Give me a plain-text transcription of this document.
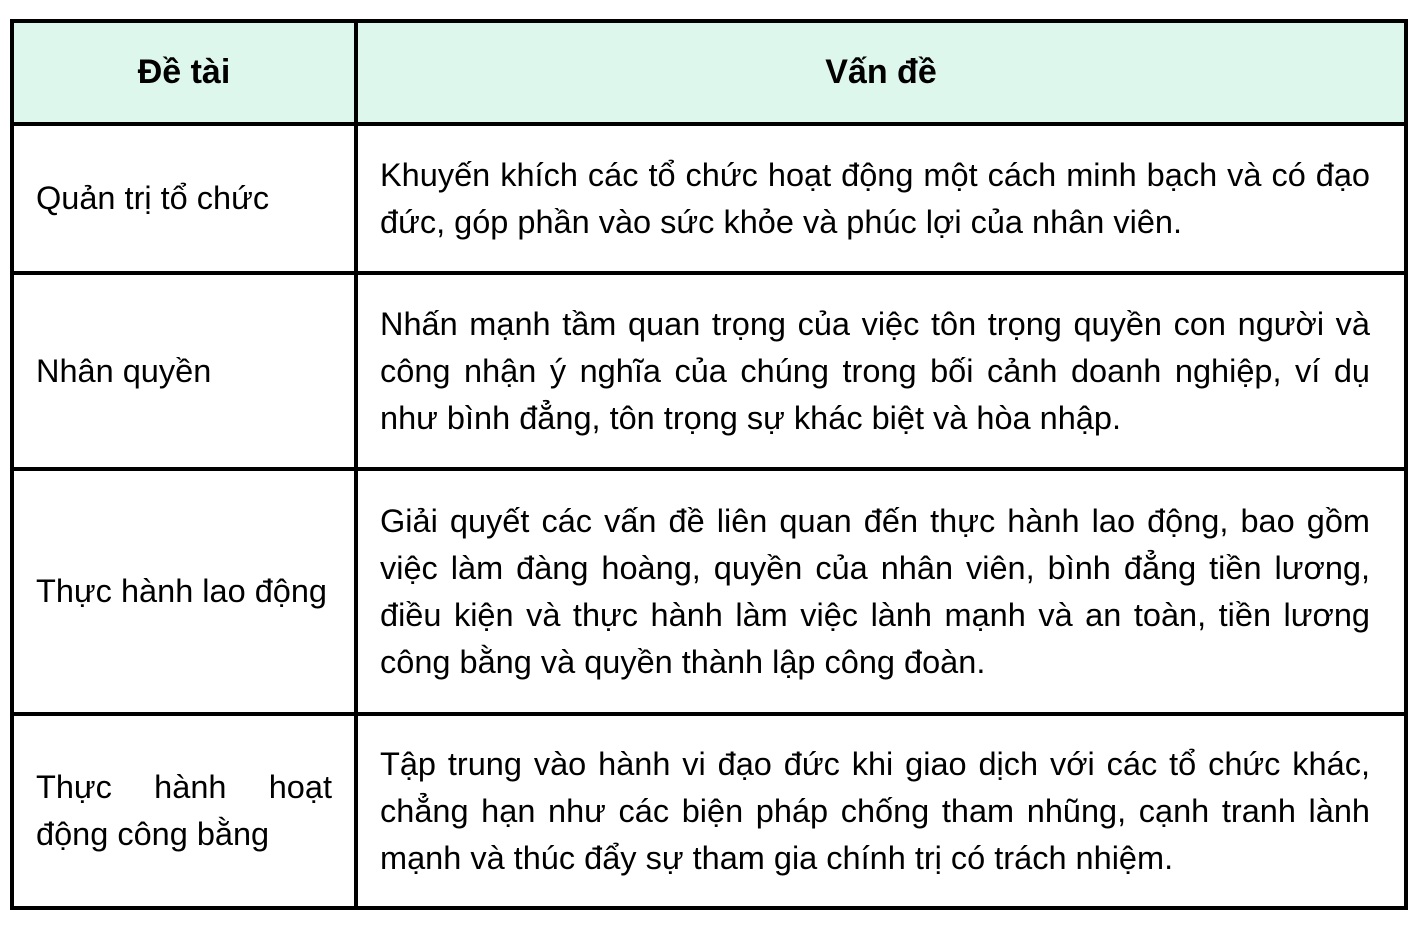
Đề tài	Vấn đề
Quản trị tổ chức	Khuyến khích các tổ chức hoạt động một cách minh bạch và có đạo đức, góp phần vào sức khỏe và phúc lợi của nhân viên.
Nhân quyền	Nhấn mạnh tầm quan trọng của việc tôn trọng quyền con người và công nhận ý nghĩa của chúng trong bối cảnh doanh nghiệp, ví dụ như bình đẳng, tôn trọng sự khác biệt và hòa nhập.
Thực hành lao động	Giải quyết các vấn đề liên quan đến thực hành lao động, bao gồm việc làm đàng hoàng, quyền của nhân viên, bình đẳng tiền lương, điều kiện và thực hành làm việc lành mạnh và an toàn, tiền lương công bằng và quyền thành lập công đoàn.
Thực hành hoạt động công bằng	Tập trung vào hành vi đạo đức khi giao dịch với các tổ chức khác, chẳng hạn như các biện pháp chống tham nhũng, cạnh tranh lành mạnh và thúc đẩy sự tham gia chính trị có trách nhiệm.
